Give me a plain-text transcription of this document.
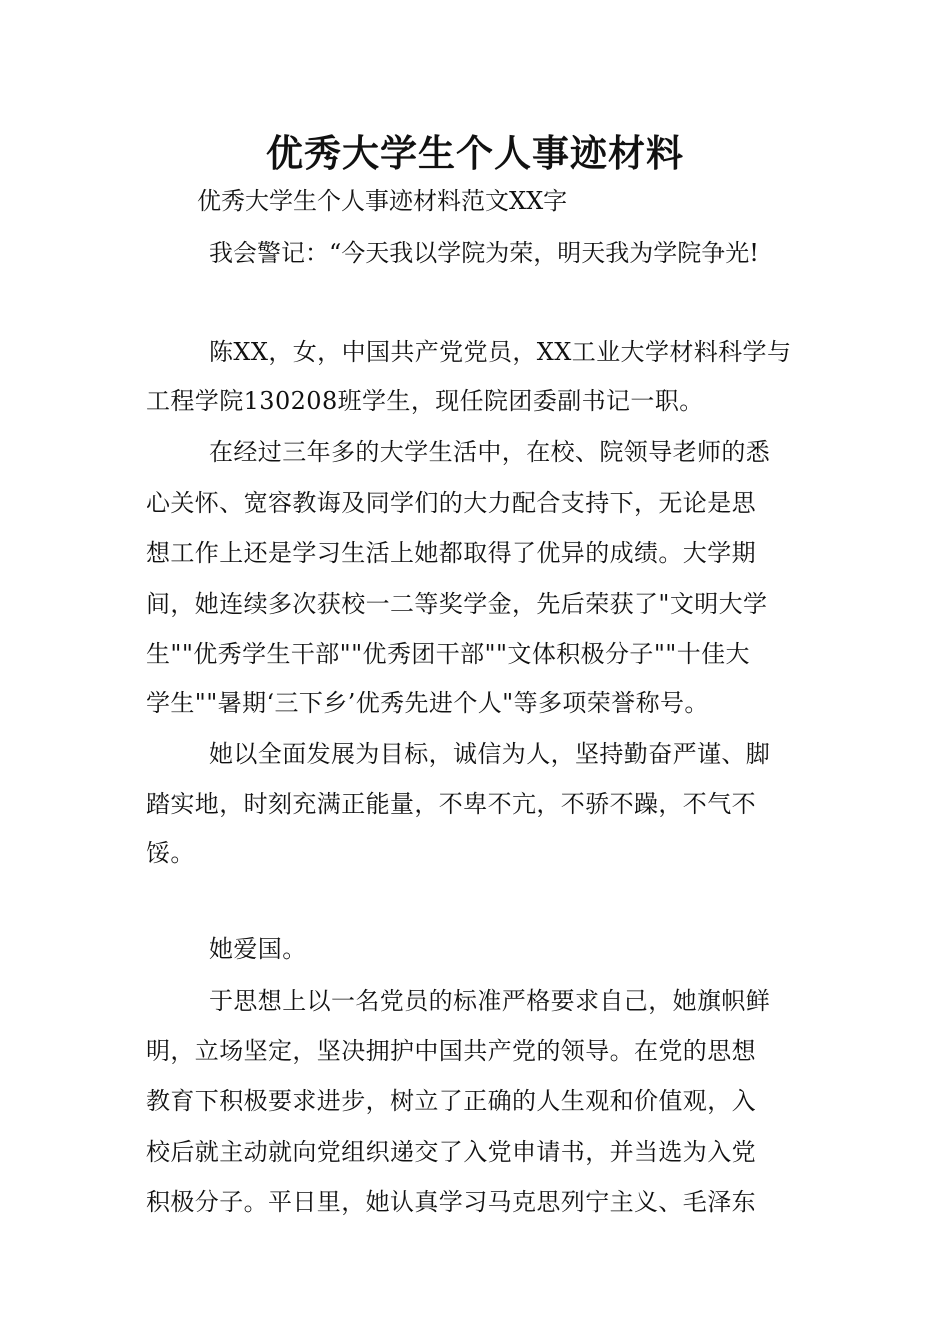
优秀大学生个人事迹材料
优秀大学生个人事迹材料范文XX字
我会警记：“今天我以学院为荣，明天我为学院争光!
陈XX，女，中国共产党党员，XX工业大学材料科学与
工程学院130208班学生，现任院团委副书记一职。
在经过三年多的大学生活中，在校、院领导老师的悉
心关怀、宽容教诲及同学们的大力配合支持下，无论是思
想工作上还是学习生活上她都取得了优异的成绩。大学期
间，她连续多次获校一二等奖学金，先后荣获了"文明大学
生""优秀学生干部""优秀团干部""文体积极分子""十佳大
学生""暑期‘三下乡’优秀先进个人"等多项荣誉称号。
她以全面发展为目标，诚信为人，坚持勤奋严谨、脚
踏实地，时刻充满正能量，不卑不亢，不骄不躁，不气不
馁。
她爱国。
于思想上以一名党员的标准严格要求自己，她旗帜鲜
明，立场坚定，坚决拥护中国共产党的领导。在党的思想
教育下积极要求进步，树立了正确的人生观和价值观，入
校后就主动就向党组织递交了入党申请书，并当选为入党
积极分子。平日里，她认真学习马克思列宁主义、毛泽东
